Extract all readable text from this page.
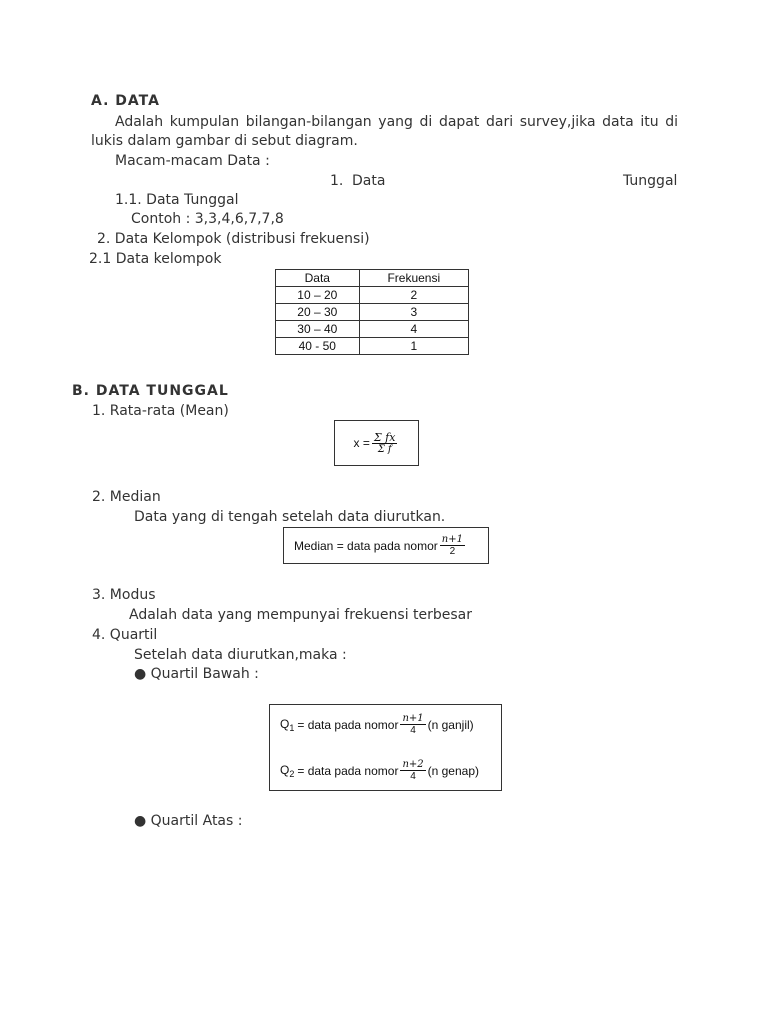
A. DATA
Adalah kumpulan bilangan-bilangan yang di dapat dari survey,jika data itu di
lukis dalam gambar di sebut diagram.
Macam-macam Data :
1. Data	Tunggal
1.1. Data Tunggal
Contoh : 3,3,4,6,7,7,8
2. Data Kelompok (distribusi frekuensi)
2.1 Data kelompok
Data	Frekuensi
10 – 20	2
20 – 30	3
30 – 40	4
40 - 50	1
B. DATA TUNGGAL
1. Rata-rata (Mean)
$x = \frac{\text{Σ fx}}{\text{Σ f}}$
2. Median
Data yang di tengah setelah data diurutkan.
Median = data pada nomor $\frac{n+1}{2}$
3. Modus
Adalah data yang mempunyai frekuensi terbesar
4. Quartil
Setelah data diurutkan,maka :
● Quartil Bawah :
$Q_1$ = data pada nomor $\frac{n+1}{4} (n$ ganjil)
$Q_2$ = data pada nomor $\frac{n+2}{4} (n$ genap)
● Quartil Atas :
